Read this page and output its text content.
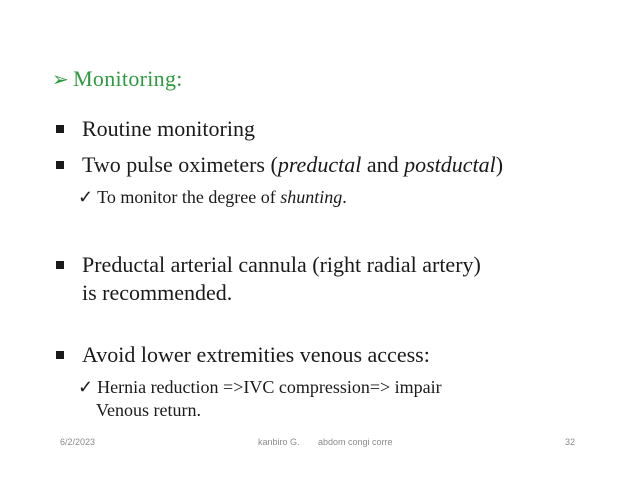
➢ Monitoring:
Routine monitoring
Two pulse oximeters (preductal and postductal)
✓ To monitor the degree of shunting.
Preductal arterial cannula (right radial artery)
is recommended.
Avoid lower extremities venous access:
✓ Hernia reduction =>IVC compression=> impair
Venous return.
6/2/2023	kanbiro G. abdom congi corre	32
